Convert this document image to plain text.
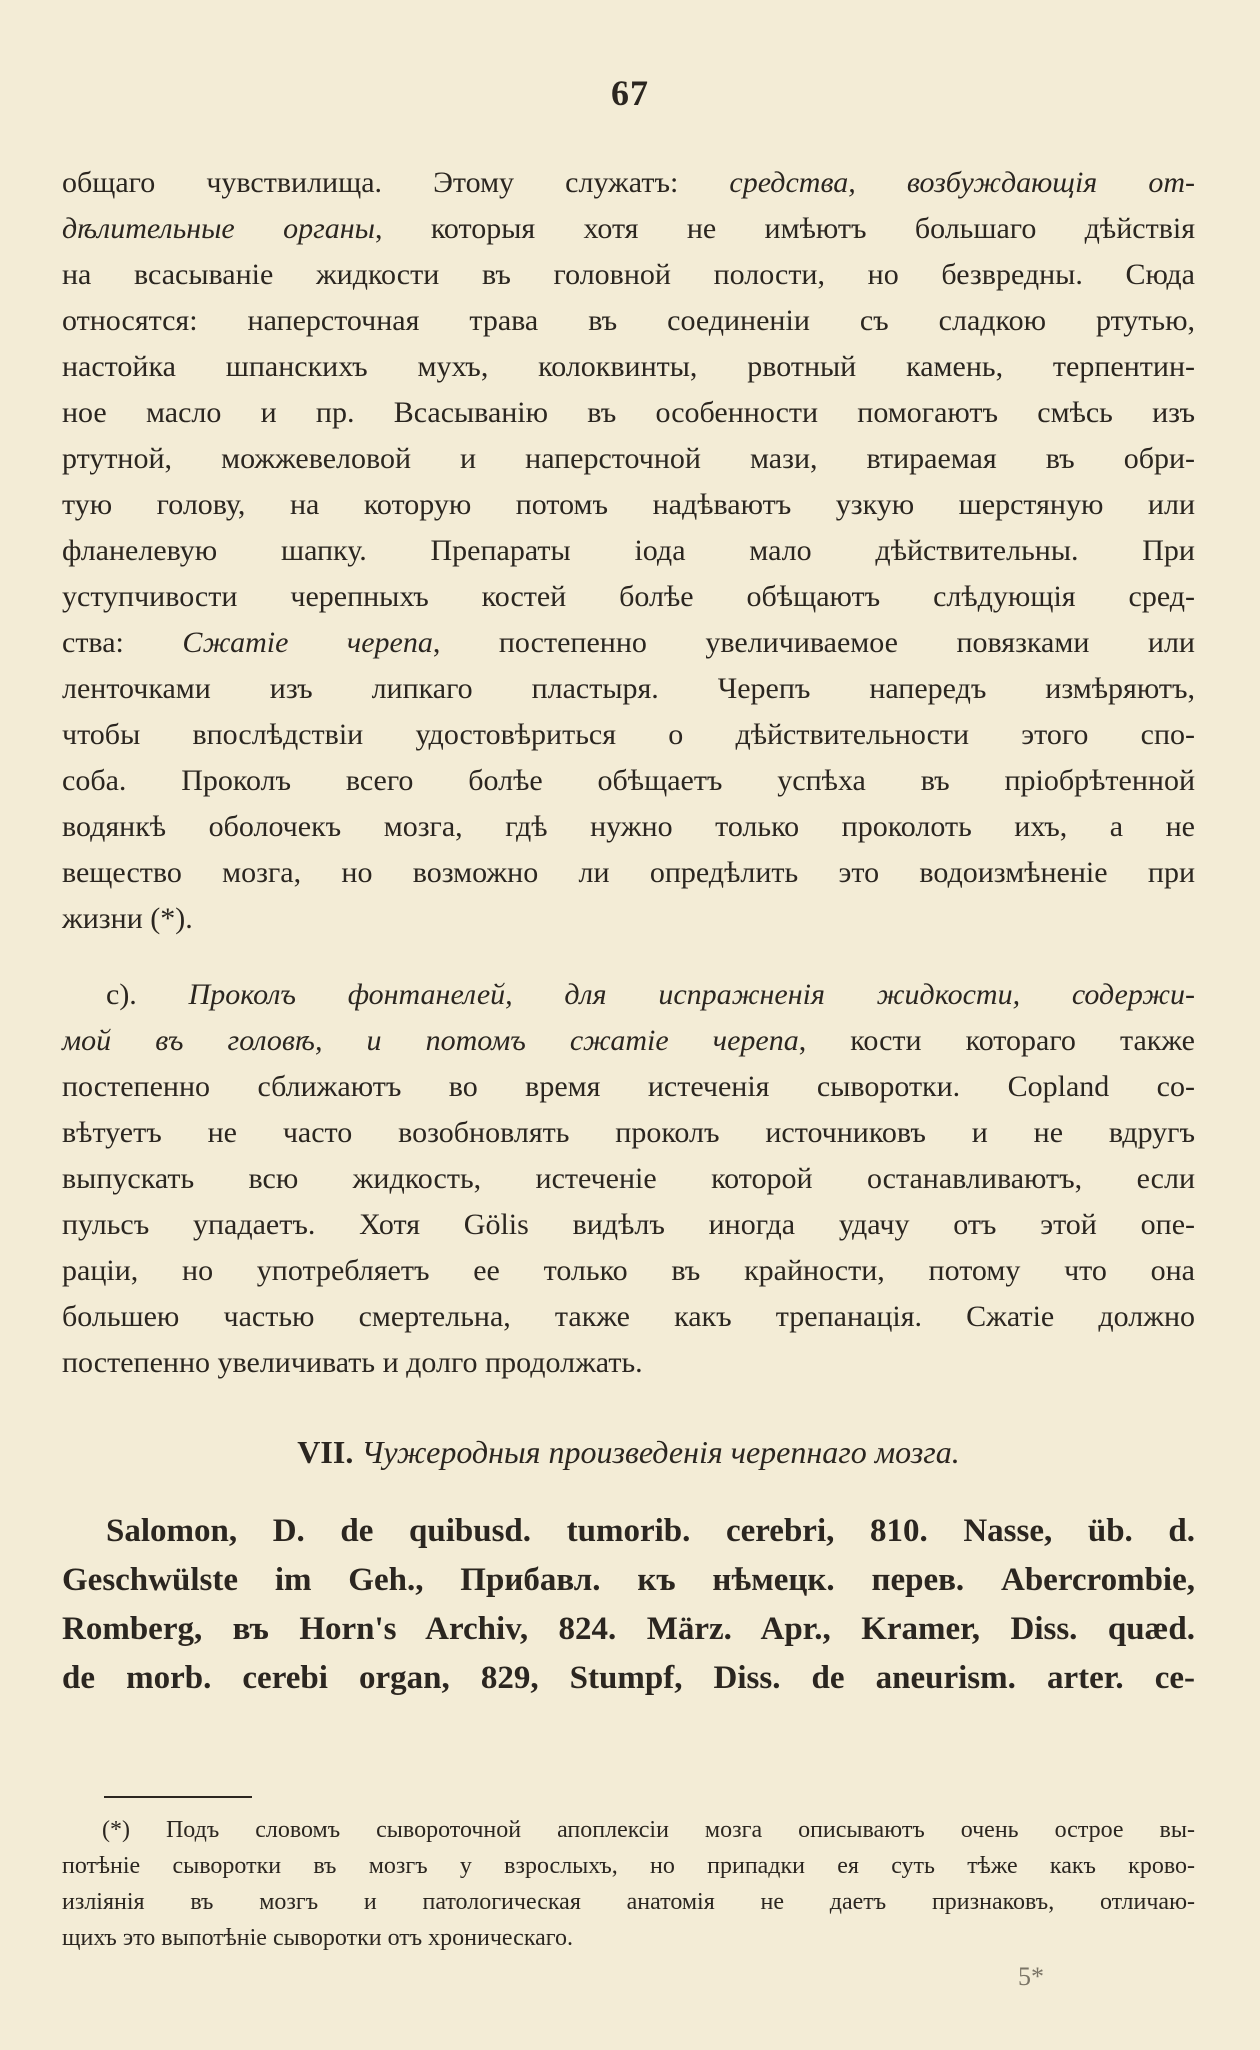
67

общаго чувствилища. Этому служатъ: средства, возбуждающія от-
дѣлительные органы, которыя хотя не имѣютъ большаго дѣйствія
на всасываніе жидкости въ головной полости, но безвредны. Сюда
относятся: наперсточная трава въ соединеніи съ сладкою ртутью,
настойка шпанскихъ мухъ, колоквинты, рвотный камень, терпентин-
ное масло и пр. Всасыванію въ особенности помогаютъ смѣсь изъ
ртутной, можжевеловой и наперсточной мази, втираемая въ обри-
тую голову, на которую потомъ надѣваютъ узкую шерстяную или
фланелевую шапку. Препараты іода мало дѣйствительны. При
уступчивости черепныхъ костей болѣе обѣщаютъ слѣдующія сред-
ства: Сжатіе черепа, постепенно увеличиваемое повязками или
ленточками изъ липкаго пластыря. Черепъ напередъ измѣряютъ,
чтобы впослѣдствіи удостовѣриться о дѣйствительности этого спо-
соба. Проколъ всего болѣе обѣщаетъ успѣха въ пріобрѣтенной
водянкѣ оболочекъ мозга, гдѣ нужно только проколоть ихъ, а не
вещество мозга, но возможно ли опредѣлить это водоизмѣненіе при
жизни (*).

c). Проколъ фонтанелей, для испражненія жидкости, содержи-
мой въ головѣ, и потомъ сжатіе черепа, кости котораго также
постепенно сближаютъ во время истеченія сыворотки. Copland со-
вѣтуетъ не часто возобновлять проколъ источниковъ и не вдругъ
выпускать всю жидкость, истеченіе которой останавливаютъ, если
пульсъ упадаетъ. Хотя Gölis видѣлъ иногда удачу отъ этой опе-
раціи, но употребляетъ ее только въ крайности, потому что она
большею частью смертельна, также какъ трепанація. Сжатіе должно
постепенно увеличивать и долго продолжать.

VII. Чужеродныя произведенія черепнаго мозга.

Salomon, D. de quibusd. tumorib. cerebri, 810. Nasse, üb. d.
Geschwülste im Geh., Прибавл. къ нѣмецк. перев. Abercrombie,
Romberg, въ Horn's Archiv, 824. März. Apr., Kramer, Diss. quæd.
de morb. cerebi organ, 829, Stumpf, Diss. de aneurism. arter. ce-

(*) Подъ словомъ сывороточной апоплексіи мозга описываютъ очень острое вы-
потѣніе сыворотки въ мозгъ у взрослыхъ, но припадки ея суть тѣже какъ крово-
изліянія въ мозгъ и патологическая анатомія не даетъ признаковъ, отличаю-
щихъ это выпотѣніе сыворотки отъ хроническаго.
5*
